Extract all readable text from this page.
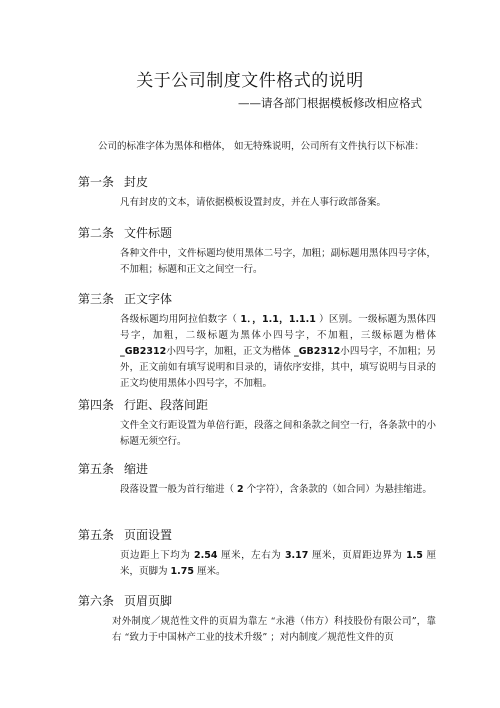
关于公司制度文件格式的说明
——请各部门根据模板修改相应格式
公司的标准字体为黑体和楷体， 如无特殊说明，公司所有文件执行以下标准：
第一条 封皮
凡有封皮的文本，请依据模板设置封皮，并在人事行政部备案。
第二条 文件标题
各种文件中，文件标题均使用黑体二号字，加粗；副标题用黑体四号字体，不加粗；标题和正文之间空一行。
第三条 正文字体
各级标题均用阿拉伯数字（ 1．，1.1，1.1.1 ）区别。一级标题为黑体四号字，加粗，二级标题为黑体小四号字，不加粗，三级标题为楷体 _GB2312小四号字，加粗，正文为楷体 _GB2312小四号字，不加粗；另外，正文前如有填写说明和目录的，请依序安排，其中，填写说明与目录的正文均使用黑体小四号字，不加粗。
第四条 行距、段落间距
文件全文行距设置为单倍行距，段落之间和条款之间空一行，各条款中的小标题无须空行。
第五条 缩进
段落设置一般为首行缩进（ 2 个字符），含条款的（如合同）为悬挂缩进。
第五条 页面设置
页边距上下均为 2.54 厘米，左右为 3.17 厘米，页眉距边界为 1.5 厘米，页脚为 1.75 厘米。
第六条 页眉页脚
对外制度／规范性文件的页眉为靠左 “永港（伟方）科技股份有限公司”，靠右 “致力于中国林产工业的技术升级” ；对内制度／规范性文件的页
